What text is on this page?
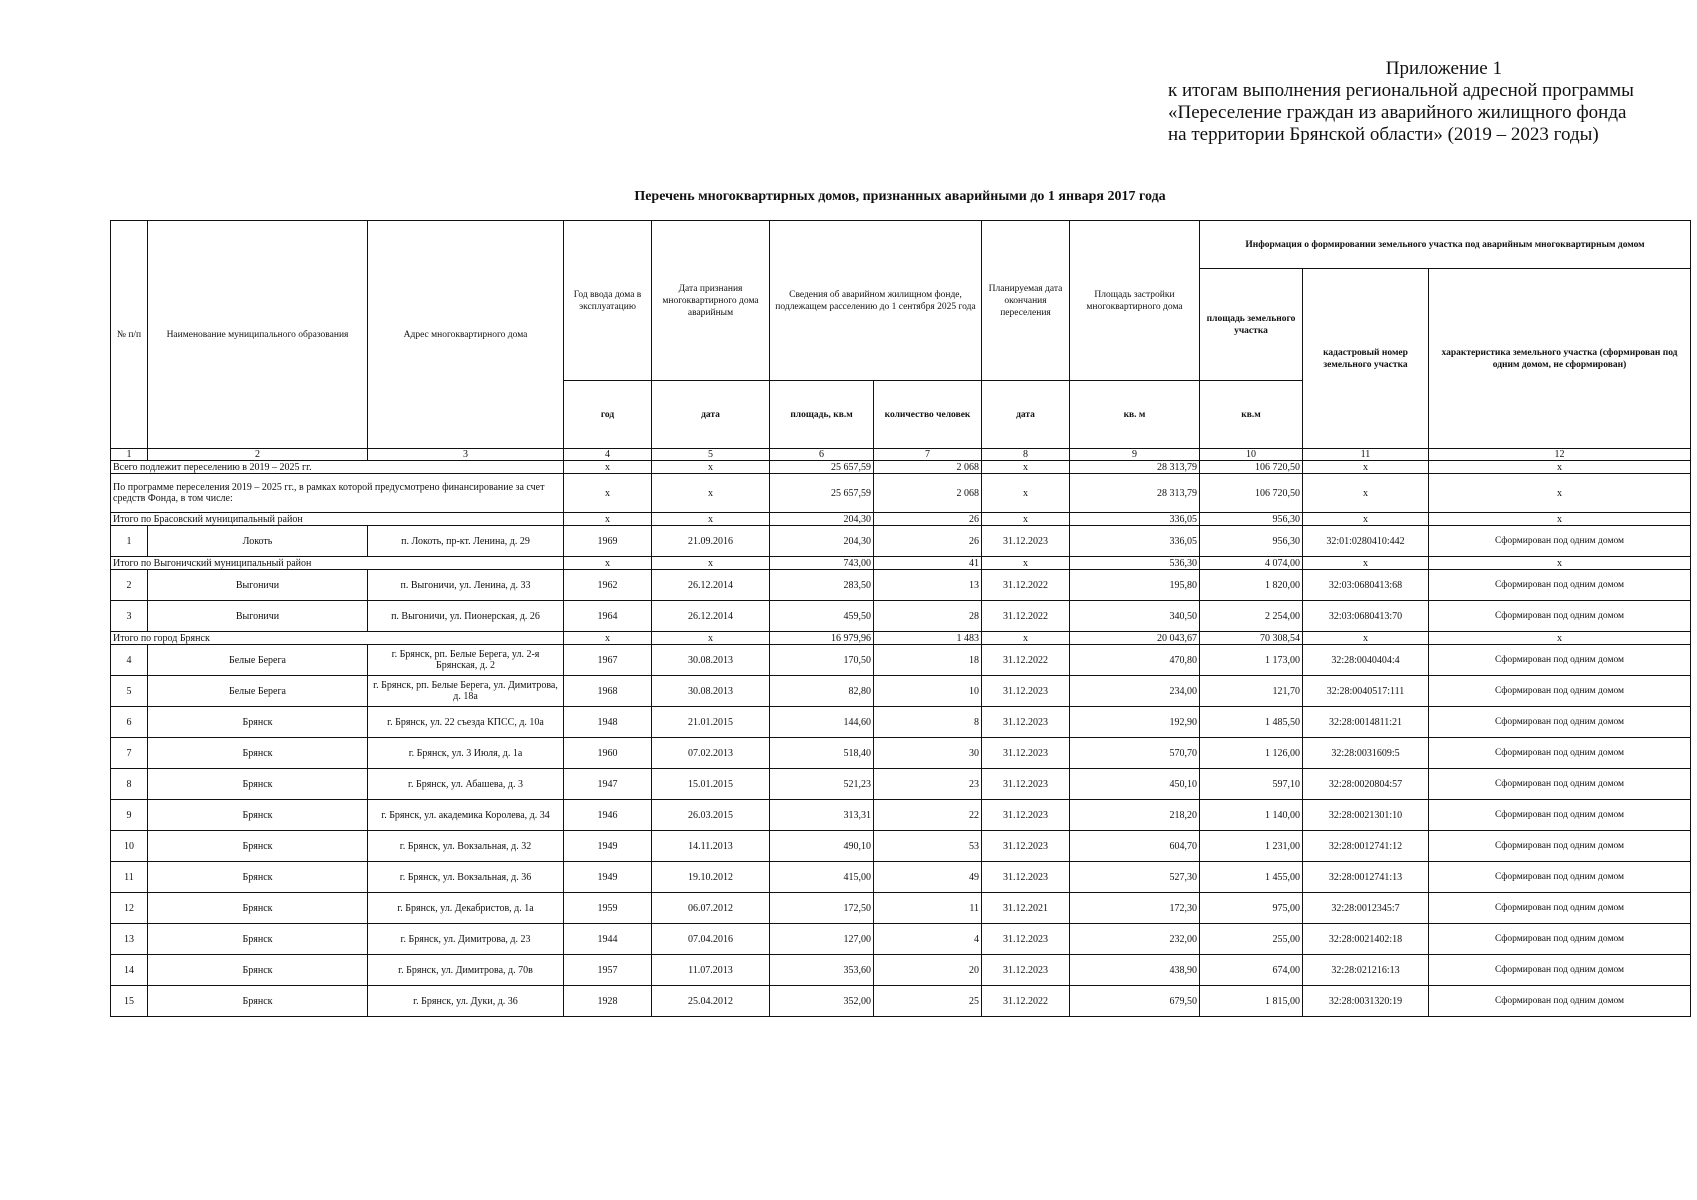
Приложение 1
к итогам выполнения региональной адресной программы
«Переселение граждан из аварийного жилищного фонда
на территории Брянской области» (2019 – 2023 годы)
Перечень многоквартирных домов, признанных аварийными до 1 января 2017 года
№ п/п	Наименование муниципального образования	Адрес многоквартирного дома	Год ввода дома в эксплуатацию	Дата признания многоквартирного дома аварийным	Сведения об аварийном жилищном фонде, подлежащем расселению до 1 сентября 2025 года		Планируемая дата окончания переселения	Площадь застройки многоквартирного дома	Информация о формировании земельного участка под аварийным многоквартирным домом		
									площадь земельного участка	кадастровый номер земельного участка	характеристика земельного участка (сформирован под одним домом, не сформирован)
			год	дата	площадь, кв.м	количество человек	дата	кв. м	кв.м		
1	2	3	4	5	6	7	8	9	10	11	12
Всего подлежит переселению в 2019 – 2025 гг.			x	x	25 657,59	2 068	x	28 313,79	106 720,50	x	x
По программе переселения 2019 – 2025 гг., в рамках которой предусмотрено финансирование за счет средств Фонда, в том числе:			x	x	25 657,59	2 068	x	28 313,79	106 720,50	x	x
Итого по Брасовский муниципальный район			x	x	204,30	26	x	336,05	956,30	x	x
1	Локоть	п. Локоть, пр-кт. Ленина, д. 29	1969	21.09.2016	204,30	26	31.12.2023	336,05	956,30	32:01:0280410:442	Сформирован под одним домом
Итого по Выгоничский муниципальный район			x	x	743,00	41	x	536,30	4 074,00	x	x
2	Выгоничи	п. Выгоничи, ул. Ленина, д. 33	1962	26.12.2014	283,50	13	31.12.2022	195,80	1 820,00	32:03:0680413:68	Сформирован под одним домом
3	Выгоничи	п. Выгоничи, ул. Пионерская, д. 26	1964	26.12.2014	459,50	28	31.12.2022	340,50	2 254,00	32:03:0680413:70	Сформирован под одним домом
Итого по город Брянск			x	x	16 979,96	1 483	x	20 043,67	70 308,54	x	x
4	Белые Берега	г. Брянск, рп. Белые Берега, ул. 2-я Брянская, д. 2	1967	30.08.2013	170,50	18	31.12.2022	470,80	1 173,00	32:28:0040404:4	Сформирован под одним домом
5	Белые Берега	г. Брянск, рп. Белые Берега, ул. Димитрова, д. 18а	1968	30.08.2013	82,80	10	31.12.2023	234,00	121,70	32:28:0040517:111	Сформирован под одним домом
6	Брянск	г. Брянск, ул. 22 съезда КПСС, д. 10а	1948	21.01.2015	144,60	8	31.12.2023	192,90	1 485,50	32:28:0014811:21	Сформирован под одним домом
7	Брянск	г. Брянск, ул. 3 Июля, д. 1а	1960	07.02.2013	518,40	30	31.12.2023	570,70	1 126,00	32:28:0031609:5	Сформирован под одним домом
8	Брянск	г. Брянск, ул. Абашева, д. 3	1947	15.01.2015	521,23	23	31.12.2023	450,10	597,10	32:28:0020804:57	Сформирован под одним домом
9	Брянск	г. Брянск, ул. академика Королева, д. 34	1946	26.03.2015	313,31	22	31.12.2023	218,20	1 140,00	32:28:0021301:10	Сформирован под одним домом
10	Брянск	г. Брянск, ул. Вокзальная, д. 32	1949	14.11.2013	490,10	53	31.12.2023	604,70	1 231,00	32:28:0012741:12	Сформирован под одним домом
11	Брянск	г. Брянск, ул. Вокзальная, д. 36	1949	19.10.2012	415,00	49	31.12.2023	527,30	1 455,00	32:28:0012741:13	Сформирован под одним домом
12	Брянск	г. Брянск, ул. Декабристов, д. 1а	1959	06.07.2012	172,50	11	31.12.2021	172,30	975,00	32:28:0012345:7	Сформирован под одним домом
13	Брянск	г. Брянск, ул. Димитрова, д. 23	1944	07.04.2016	127,00	4	31.12.2023	232,00	255,00	32:28:0021402:18	Сформирован под одним домом
14	Брянск	г. Брянск, ул. Димитрова, д. 70в	1957	11.07.2013	353,60	20	31.12.2023	438,90	674,00	32:28:021216:13	Сформирован под одним домом
15	Брянск	г. Брянск, ул. Дуки, д. 36	1928	25.04.2012	352,00	25	31.12.2022	679,50	1 815,00	32:28:0031320:19	Сформирован под одним домом
